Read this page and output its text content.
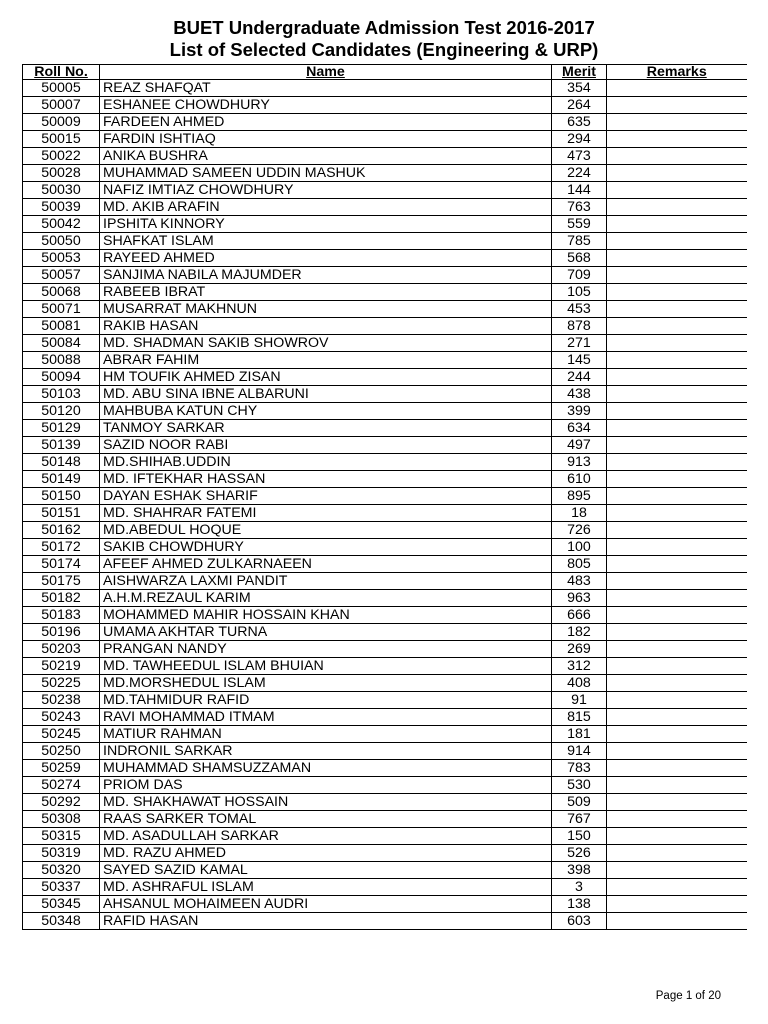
BUET Undergraduate Admission Test 2016-2017
List of Selected Candidates (Engineering & URP)
Roll No.	Name	Merit	Remarks
50005	REAZ SHAFQAT	354	
50007	ESHANEE CHOWDHURY	264	
50009	FARDEEN AHMED	635	
50015	FARDIN ISHTIAQ	294	
50022	ANIKA BUSHRA	473	
50028	MUHAMMAD SAMEEN UDDIN MASHUK	224	
50030	NAFIZ IMTIAZ CHOWDHURY	144	
50039	MD. AKIB ARAFIN	763	
50042	IPSHITA KINNORY	559	
50050	SHAFKAT ISLAM	785	
50053	RAYEED AHMED	568	
50057	SANJIMA NABILA MAJUMDER	709	
50068	RABEEB IBRAT	105	
50071	MUSARRAT MAKHNUN	453	
50081	RAKIB HASAN	878	
50084	MD. SHADMAN SAKIB SHOWROV	271	
50088	ABRAR FAHIM	145	
50094	HM TOUFIK AHMED ZISAN	244	
50103	MD. ABU SINA IBNE ALBARUNI	438	
50120	MAHBUBA KATUN CHY	399	
50129	TANMOY SARKAR	634	
50139	SAZID NOOR RABI	497	
50148	MD.SHIHAB.UDDIN	913	
50149	MD. IFTEKHAR HASSAN	610	
50150	DAYAN ESHAK SHARIF	895	
50151	MD. SHAHRAR FATEMI	18	
50162	MD.ABEDUL HOQUE	726	
50172	SAKIB CHOWDHURY	100	
50174	AFEEF AHMED ZULKARNAEEN	805	
50175	AISHWARZA LAXMI PANDIT	483	
50182	A.H.M.REZAUL KARIM	963	
50183	MOHAMMED MAHIR HOSSAIN KHAN	666	
50196	UMAMA AKHTAR TURNA	182	
50203	PRANGAN NANDY	269	
50219	MD. TAWHEEDUL ISLAM BHUIAN	312	
50225	MD.MORSHEDUL ISLAM	408	
50238	MD.TAHMIDUR RAFID	91	
50243	RAVI MOHAMMAD ITMAM	815	
50245	MATIUR RAHMAN	181	
50250	INDRONIL SARKAR	914	
50259	MUHAMMAD SHAMSUZZAMAN	783	
50274	PRIOM DAS	530	
50292	MD. SHAKHAWAT HOSSAIN	509	
50308	RAAS SARKER TOMAL	767	
50315	MD. ASADULLAH SARKAR	150	
50319	MD. RAZU AHMED	526	
50320	SAYED SAZID KAMAL	398	
50337	MD. ASHRAFUL ISLAM	3	
50345	AHSANUL MOHAIMEEN AUDRI	138	
50348	RAFID HASAN	603	
Page 1 of 20
